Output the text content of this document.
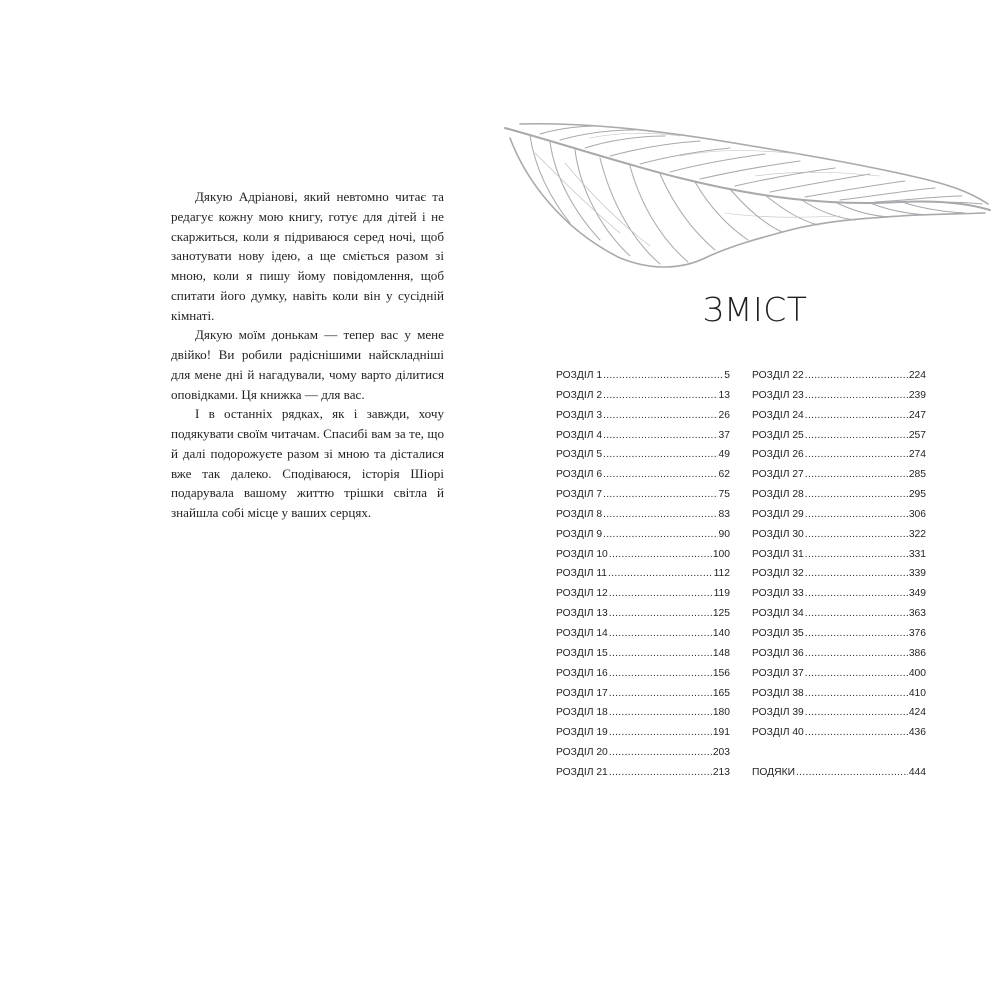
Дякую Адріанові, який невтомно читає та редагує кожну мою книгу, готує для дітей і не скаржиться, коли я підриваюся серед ночі, щоб занотувати нову ідею, а ще сміється разом зі мною, коли я пишу йому повідомлення, щоб спитати його думку, навіть коли він у сусідній кімнаті.

Дякую моїм донькам — тепер вас у мене двійко! Ви робили радіснішими найскладніші для мене дні й нагадували, чому варто ділитися оповідками. Ця книжка — для вас.

І в останніх рядках, як і завжди, хочу подякувати своїм читачам. Спасибі вам за те, що й далі подорожуєте разом зі мною та дісталися вже так далеко. Сподіваюся, історія Шіорі подарувала вашому життю трішки світла й знайшла собі місце у ваших серцях.

ЗМІСТ
РОЗДІЛ 1 .....	5
РОЗДІЛ 2 .....	13
РОЗДІЛ 3 .....	26
РОЗДІЛ 4 .....	37
РОЗДІЛ 5 .....	49
РОЗДІЛ 6 .....	62
РОЗДІЛ 7 .....	75
РОЗДІЛ 8 .....	83
РОЗДІЛ 9 .....	90
РОЗДІЛ 10 .....	100
РОЗДІЛ 11 .....	112
РОЗДІЛ 12 .....	119
РОЗДІЛ 13 .....	125
РОЗДІЛ 14 .....	140
РОЗДІЛ 15 .....	148
РОЗДІЛ 16 .....	156
РОЗДІЛ 17 .....	165
РОЗДІЛ 18 .....	180
РОЗДІЛ 19 .....	191
РОЗДІЛ 20 .....	203
РОЗДІЛ 21 .....	213
РОЗДІЛ 22 .....	224
РОЗДІЛ 23 .....	239
РОЗДІЛ 24 .....	247
РОЗДІЛ 25 .....	257
РОЗДІЛ 26 .....	274
РОЗДІЛ 27 .....	285
РОЗДІЛ 28 .....	295
РОЗДІЛ 29 .....	306
РОЗДІЛ 30 .....	322
РОЗДІЛ 31 .....	331
РОЗДІЛ 32 .....	339
РОЗДІЛ 33 .....	349
РОЗДІЛ 34 .....	363
РОЗДІЛ 35 .....	376
РОЗДІЛ 36 .....	386
РОЗДІЛ 37 .....	400
РОЗДІЛ 38 .....	410
РОЗДІЛ 39 .....	424
РОЗДІЛ 40 .....	436
ПОДЯКИ .....	444
